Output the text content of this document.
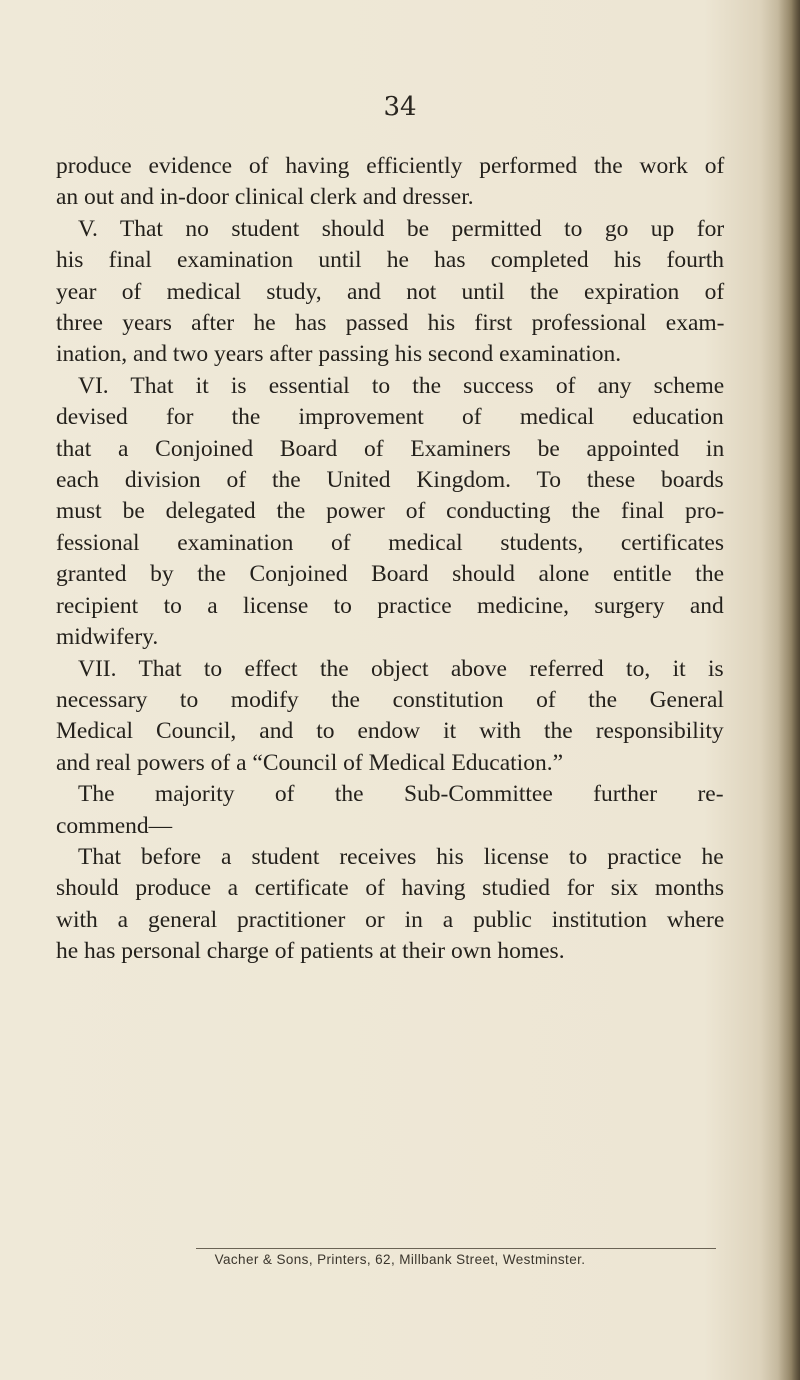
34

produce evidence of having efficiently performed the work of
an out and in-door clinical clerk and dresser.
V. That no student should be permitted to go up for
his final examination until he has completed his fourth
year of medical study, and not until the expiration of
three years after he has passed his first professional exam-
ination, and two years after passing his second examination.
VI. That it is essential to the success of any scheme
devised for the improvement of medical education
that a Conjoined Board of Examiners be appointed in
each division of the United Kingdom. To these boards
must be delegated the power of conducting the final pro-
fessional examination of medical students, certificates
granted by the Conjoined Board should alone entitle the
recipient to a license to practice medicine, surgery and
midwifery.
VII. That to effect the object above referred to, it is
necessary to modify the constitution of the General
Medical Council, and to endow it with the responsibility
and real powers of a “Council of Medical Education.”
The majority of the Sub-Committee further re-
commend—
That before a student receives his license to practice he
should produce a certificate of having studied for six months
with a general practitioner or in a public institution where
he has personal charge of patients at their own homes.

Vacher & Sons, Printers, 62, Millbank Street, Westminster.
